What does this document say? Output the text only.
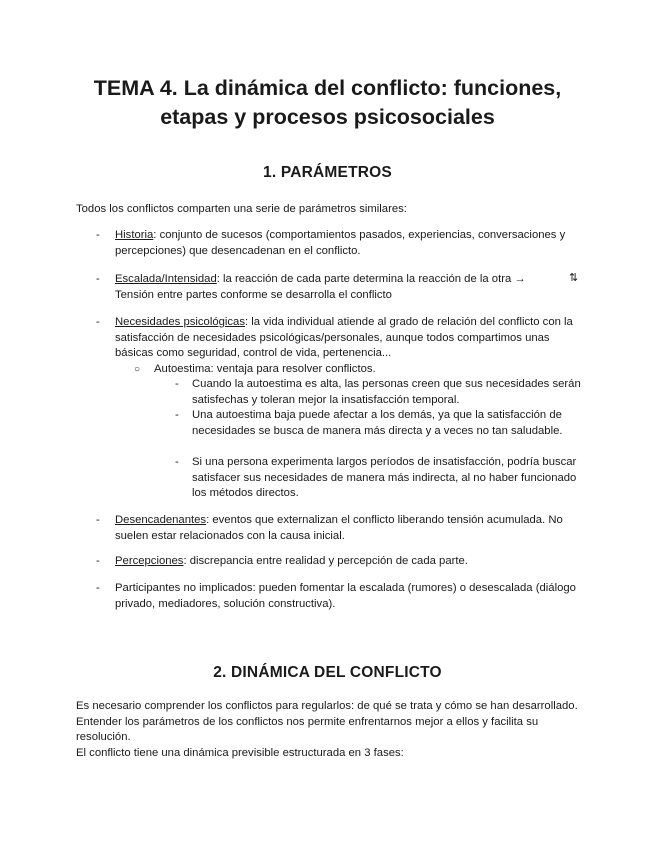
TEMA 4. La dinámica del conflicto: funciones,
etapas y procesos psicosociales
1. PARÁMETROS

Todos los conflictos comparten una serie de parámetros similares:

- Historia: conjunto de sucesos (comportamientos pasados, experiencias, conversaciones y percepciones) que desencadenan en el conflicto.

- Escalada/Intensidad: la reacción de cada parte determina la reacción de la otra → Tensión entre partes conforme se desarrolla el conflicto

⇅
- Necesidades psicológicas: la vida individual atiende al grado de relación del conflicto con la satisfacción de necesidades psicológicas/personales, aunque todos compartimos unas básicas como seguridad, control de vida, pertenencia...

○ Autoestima: ventaja para resolver conflictos.

- Cuando la autoestima es alta, las personas creen que sus necesidades serán satisfechas y toleran mejor la insatisfacción temporal.

- Una autoestima baja puede afectar a los demás, ya que la satisfacción de necesidades se busca de manera más directa y a veces no tan saludable.

- Si una persona experimenta largos períodos de insatisfacción, podría buscar satisfacer sus necesidades de manera más indirecta, al no haber funcionado los métodos directos.

- Desencadenantes: eventos que externalizan el conflicto liberando tensión acumulada. No suelen estar relacionados con la causa inicial.

- Percepciones: discrepancia entre realidad y percepción de cada parte.

- Participantes no implicados: pueden fomentar la escalada (rumores) o desescalada (diálogo privado, mediadores, solución constructiva).

2. DINÁMICA DEL CONFLICTO

Es necesario comprender los conflictos para regularlos: de qué se trata y cómo se han desarrollado. Entender los parámetros de los conflictos nos permite enfrentarnos mejor a ellos y facilita su resolución.

El conflicto tiene una dinámica previsible estructurada en 3 fases:
